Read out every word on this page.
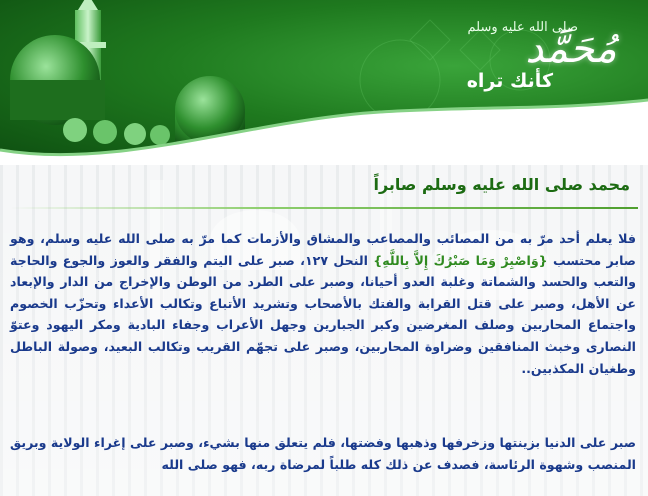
صلى الله عليه وسلم
مُحَمَّد
كأنك تراه
محمد صلى الله عليه وسلم صابراً
فلا يعلم أحد مرّ به من المصائب والمصاعب والمشاق والأزمات كما مرّ به صلى الله عليه وسلم، وهو صابر محتسب {وَاصْبِرْ وَمَا صَبْرُكَ إِلاَّ بِاللَّهِ} النحل ١٢٧، صبر على اليتم والفقر والعوز والجوع والحاجة والتعب والحسد والشماتة وغلبة العدو أحيانا، وصبر على الطرد من الوطن والإخراج من الدار والإبعاد عن الأهل، وصبر على قتل القرابة والفتك بالأصحاب وتشريد الأتباع وتكالب الأعداء وتحزّب الخصوم واجتماع المحاربين وصلف المغرضين وكبر الجبارين وجهل الأعراب وجفاء البادية ومكر اليهود وعتوّ النصارى وخبث المنافقين وضراوة المحاربين، وصبر على تجهّم القريب وتكالب البعيد، وصولة الباطل وطغيان المكذبين..
صبر على الدنيا بزينتها وزخرفها وذهبها وفضتها، فلم يتعلق منها بشيء، وصبر على إغراء الولاية وبريق المنصب وشهوة الرئاسة، فصدف عن ذلك كله طلباً لمرضاة ربه، فهو صلى الله
